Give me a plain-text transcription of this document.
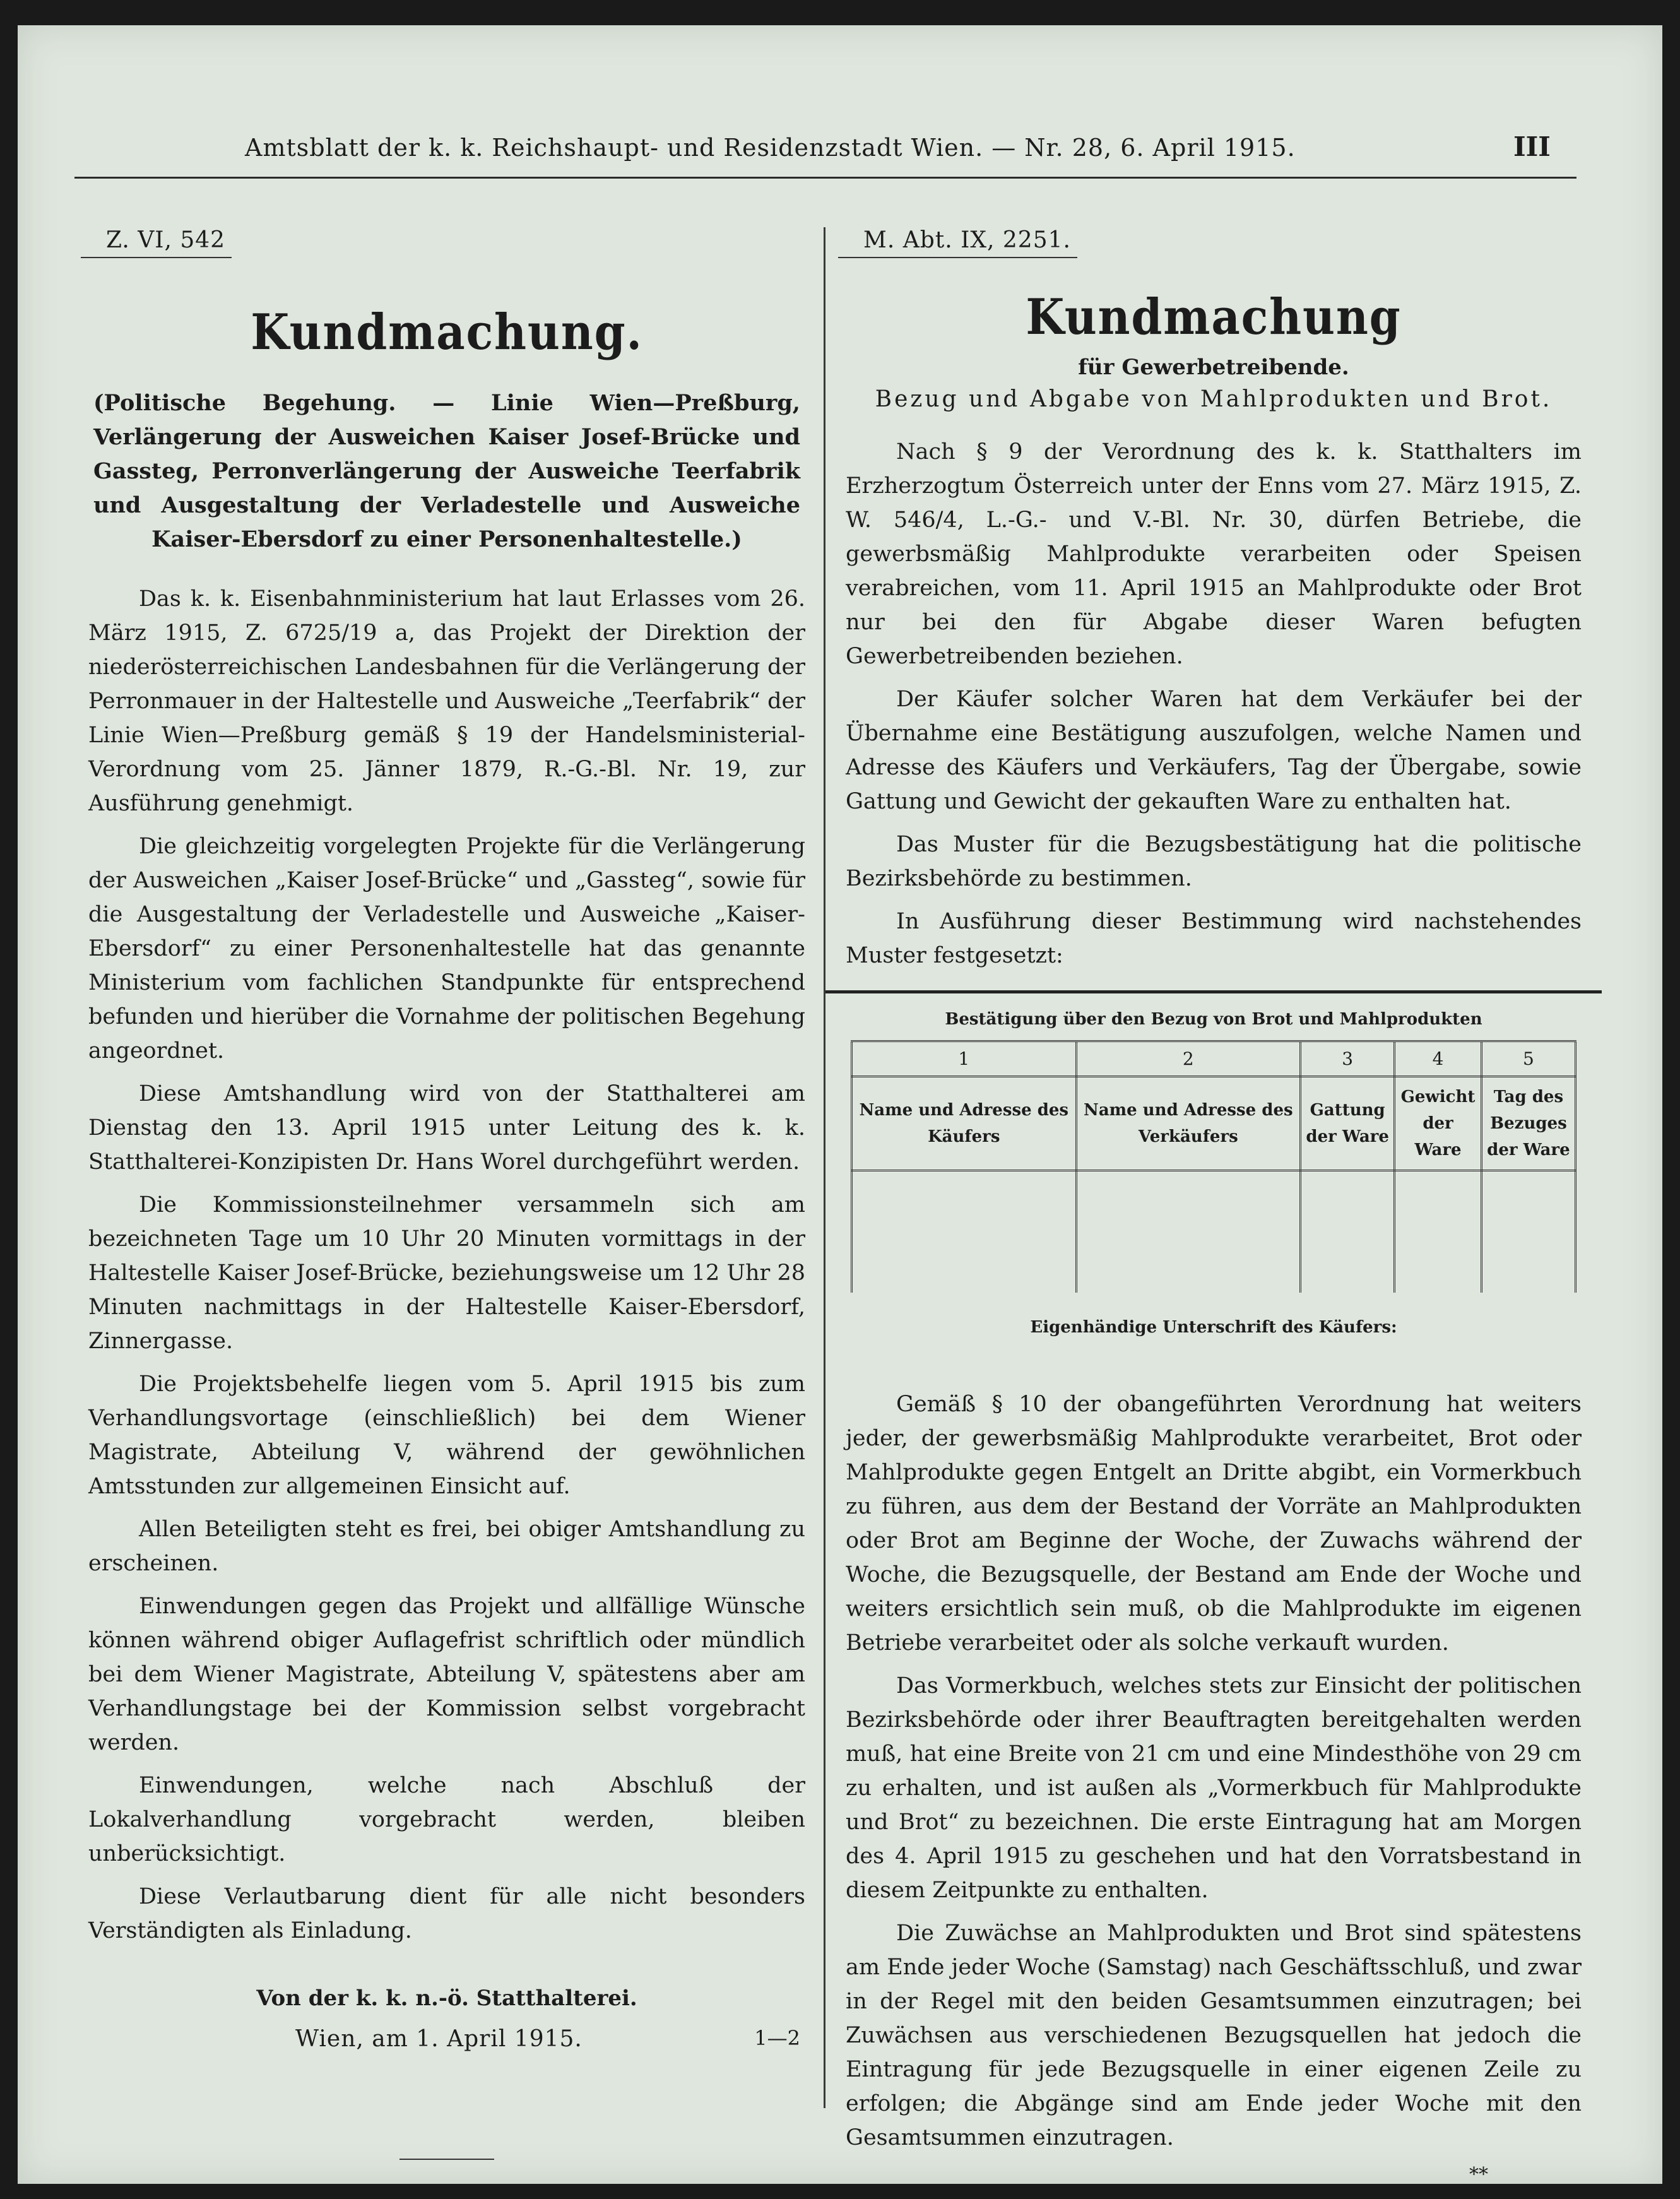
Amtsblatt der k. k. Reichshaupt- und Residenzstadt Wien. — Nr. 28, 6. April 1915.	III
Z. VI, 542
Kundmachung.
(Politische Begehung. — Linie Wien—Preßburg, Verlängerung der Ausweichen Kaiser Josef-Brücke und Gassteg, Perronverlängerung der Ausweiche Teerfabrik und Ausgestaltung der Verladestelle und Ausweiche Kaiser-Ebersdorf zu einer Personenhaltestelle.)

Das k. k. Eisenbahnministerium hat laut Erlasses vom 26. März 1915, Z. 6725/19 a, das Projekt der Direktion der niederösterreichischen Landesbahnen für die Verlängerung der Perronmauer in der Haltestelle und Ausweiche „Teerfabrik“ der Linie Wien—Preßburg gemäß § 19 der Handelsministerial-Verordnung vom 25. Jänner 1879, R.-G.-Bl. Nr. 19, zur Ausführung genehmigt.

Die gleichzeitig vorgelegten Projekte für die Verlängerung der Ausweichen „Kaiser Josef-Brücke“ und „Gassteg“, sowie für die Ausgestaltung der Verladestelle und Ausweiche „Kaiser-Ebersdorf“ zu einer Personenhaltestelle hat das genannte Ministerium vom fachlichen Standpunkte für entsprechend befunden und hierüber die Vornahme der politischen Begehung angeordnet.

Diese Amtshandlung wird von der Statthalterei am Dienstag den 13. April 1915 unter Leitung des k. k. Statthalterei-Konzipisten Dr. Hans Worel durchgeführt werden.

Die Kommissionsteilnehmer versammeln sich am bezeichneten Tage um 10 Uhr 20 Minuten vormittags in der Haltestelle Kaiser Josef-Brücke, beziehungsweise um 12 Uhr 28 Minuten nachmittags in der Haltestelle Kaiser-Ebersdorf, Zinnergasse.

Die Projektsbehelfe liegen vom 5. April 1915 bis zum Verhandlungsvortage (einschließlich) bei dem Wiener Magistrate, Abteilung V, während der gewöhnlichen Amtsstunden zur allgemeinen Einsicht auf.

Allen Beteiligten steht es frei, bei obiger Amtshandlung zu erscheinen.

Einwendungen gegen das Projekt und allfällige Wünsche können während obiger Auflagefrist schriftlich oder mündlich bei dem Wiener Magistrate, Abteilung V, spätestens aber am Verhandlungstage bei der Kommission selbst vorgebracht werden.

Einwendungen, welche nach Abschluß der Lokalverhandlung vorgebracht werden, bleiben unberücksichtigt.

Diese Verlautbarung dient für alle nicht besonders Verständigten als Einladung.

Von der k. k. n.-ö. Statthalterei.
Wien, am 1. April 1915.	1—2
M. Abt. IX, 2251.
Kundmachung
für Gewerbetreibende.
Bezug und Abgabe von Mahlprodukten und Brot.

Nach § 9 der Verordnung des k. k. Statthalters im Erzherzogtum Österreich unter der Enns vom 27. März 1915, Z. W. 546/4, L.-G.- und V.-Bl. Nr. 30, dürfen Betriebe, die gewerbsmäßig Mahlprodukte verarbeiten oder Speisen verabreichen, vom 11. April 1915 an Mahlprodukte oder Brot nur bei den für Abgabe dieser Waren befugten Gewerbetreibenden beziehen.

Der Käufer solcher Waren hat dem Verkäufer bei der Übernahme eine Bestätigung auszufolgen, welche Namen und Adresse des Käufers und Verkäufers, Tag der Übergabe, sowie Gattung und Gewicht der gekauften Ware zu enthalten hat.

Das Muster für die Bezugsbestätigung hat die politische Bezirksbehörde zu bestimmen.

In Ausführung dieser Bestimmung wird nachstehendes Muster festgesetzt:

Bestätigung über den Bezug von Brot und Mahlprodukten				
1	2	3	4	5
Name und Adresse des Käufers	Name und Adresse des Verkäufers	Gattung der Ware	Gewicht der Ware	Tag des Bezuges der Ware

Eigenhändige Unterschrift des Käufers:

Gemäß § 10 der obangeführten Verordnung hat weiters jeder, der gewerbsmäßig Mahlprodukte verarbeitet, Brot oder Mahlprodukte gegen Entgelt an Dritte abgibt, ein Vormerkbuch zu führen, aus dem der Bestand der Vorräte an Mahlprodukten oder Brot am Beginne der Woche, der Zuwachs während der Woche, die Bezugsquelle, der Bestand am Ende der Woche und weiters ersichtlich sein muß, ob die Mahlprodukte im eigenen Betriebe verarbeitet oder als solche verkauft wurden.

Das Vormerkbuch, welches stets zur Einsicht der politischen Bezirksbehörde oder ihrer Beauftragten bereitgehalten werden muß, hat eine Breite von 21 cm und eine Mindesthöhe von 29 cm zu erhalten, und ist außen als „Vormerkbuch für Mahlprodukte und Brot“ zu bezeichnen. Die erste Eintragung hat am Morgen des 4. April 1915 zu geschehen und hat den Vorratsbestand in diesem Zeitpunkte zu enthalten.

Die Zuwächse an Mahlprodukten und Brot sind spätestens am Ende jeder Woche (Samstag) nach Geschäftsschluß, und zwar in der Regel mit den beiden Gesamtsummen einzutragen; bei Zuwächsen aus verschiedenen Bezugsquellen hat jedoch die Eintragung für jede Bezugsquelle in einer eigenen Zeile zu erfolgen; die Abgänge sind am Ende jeder Woche mit den Gesamtsummen einzutragen.

**
